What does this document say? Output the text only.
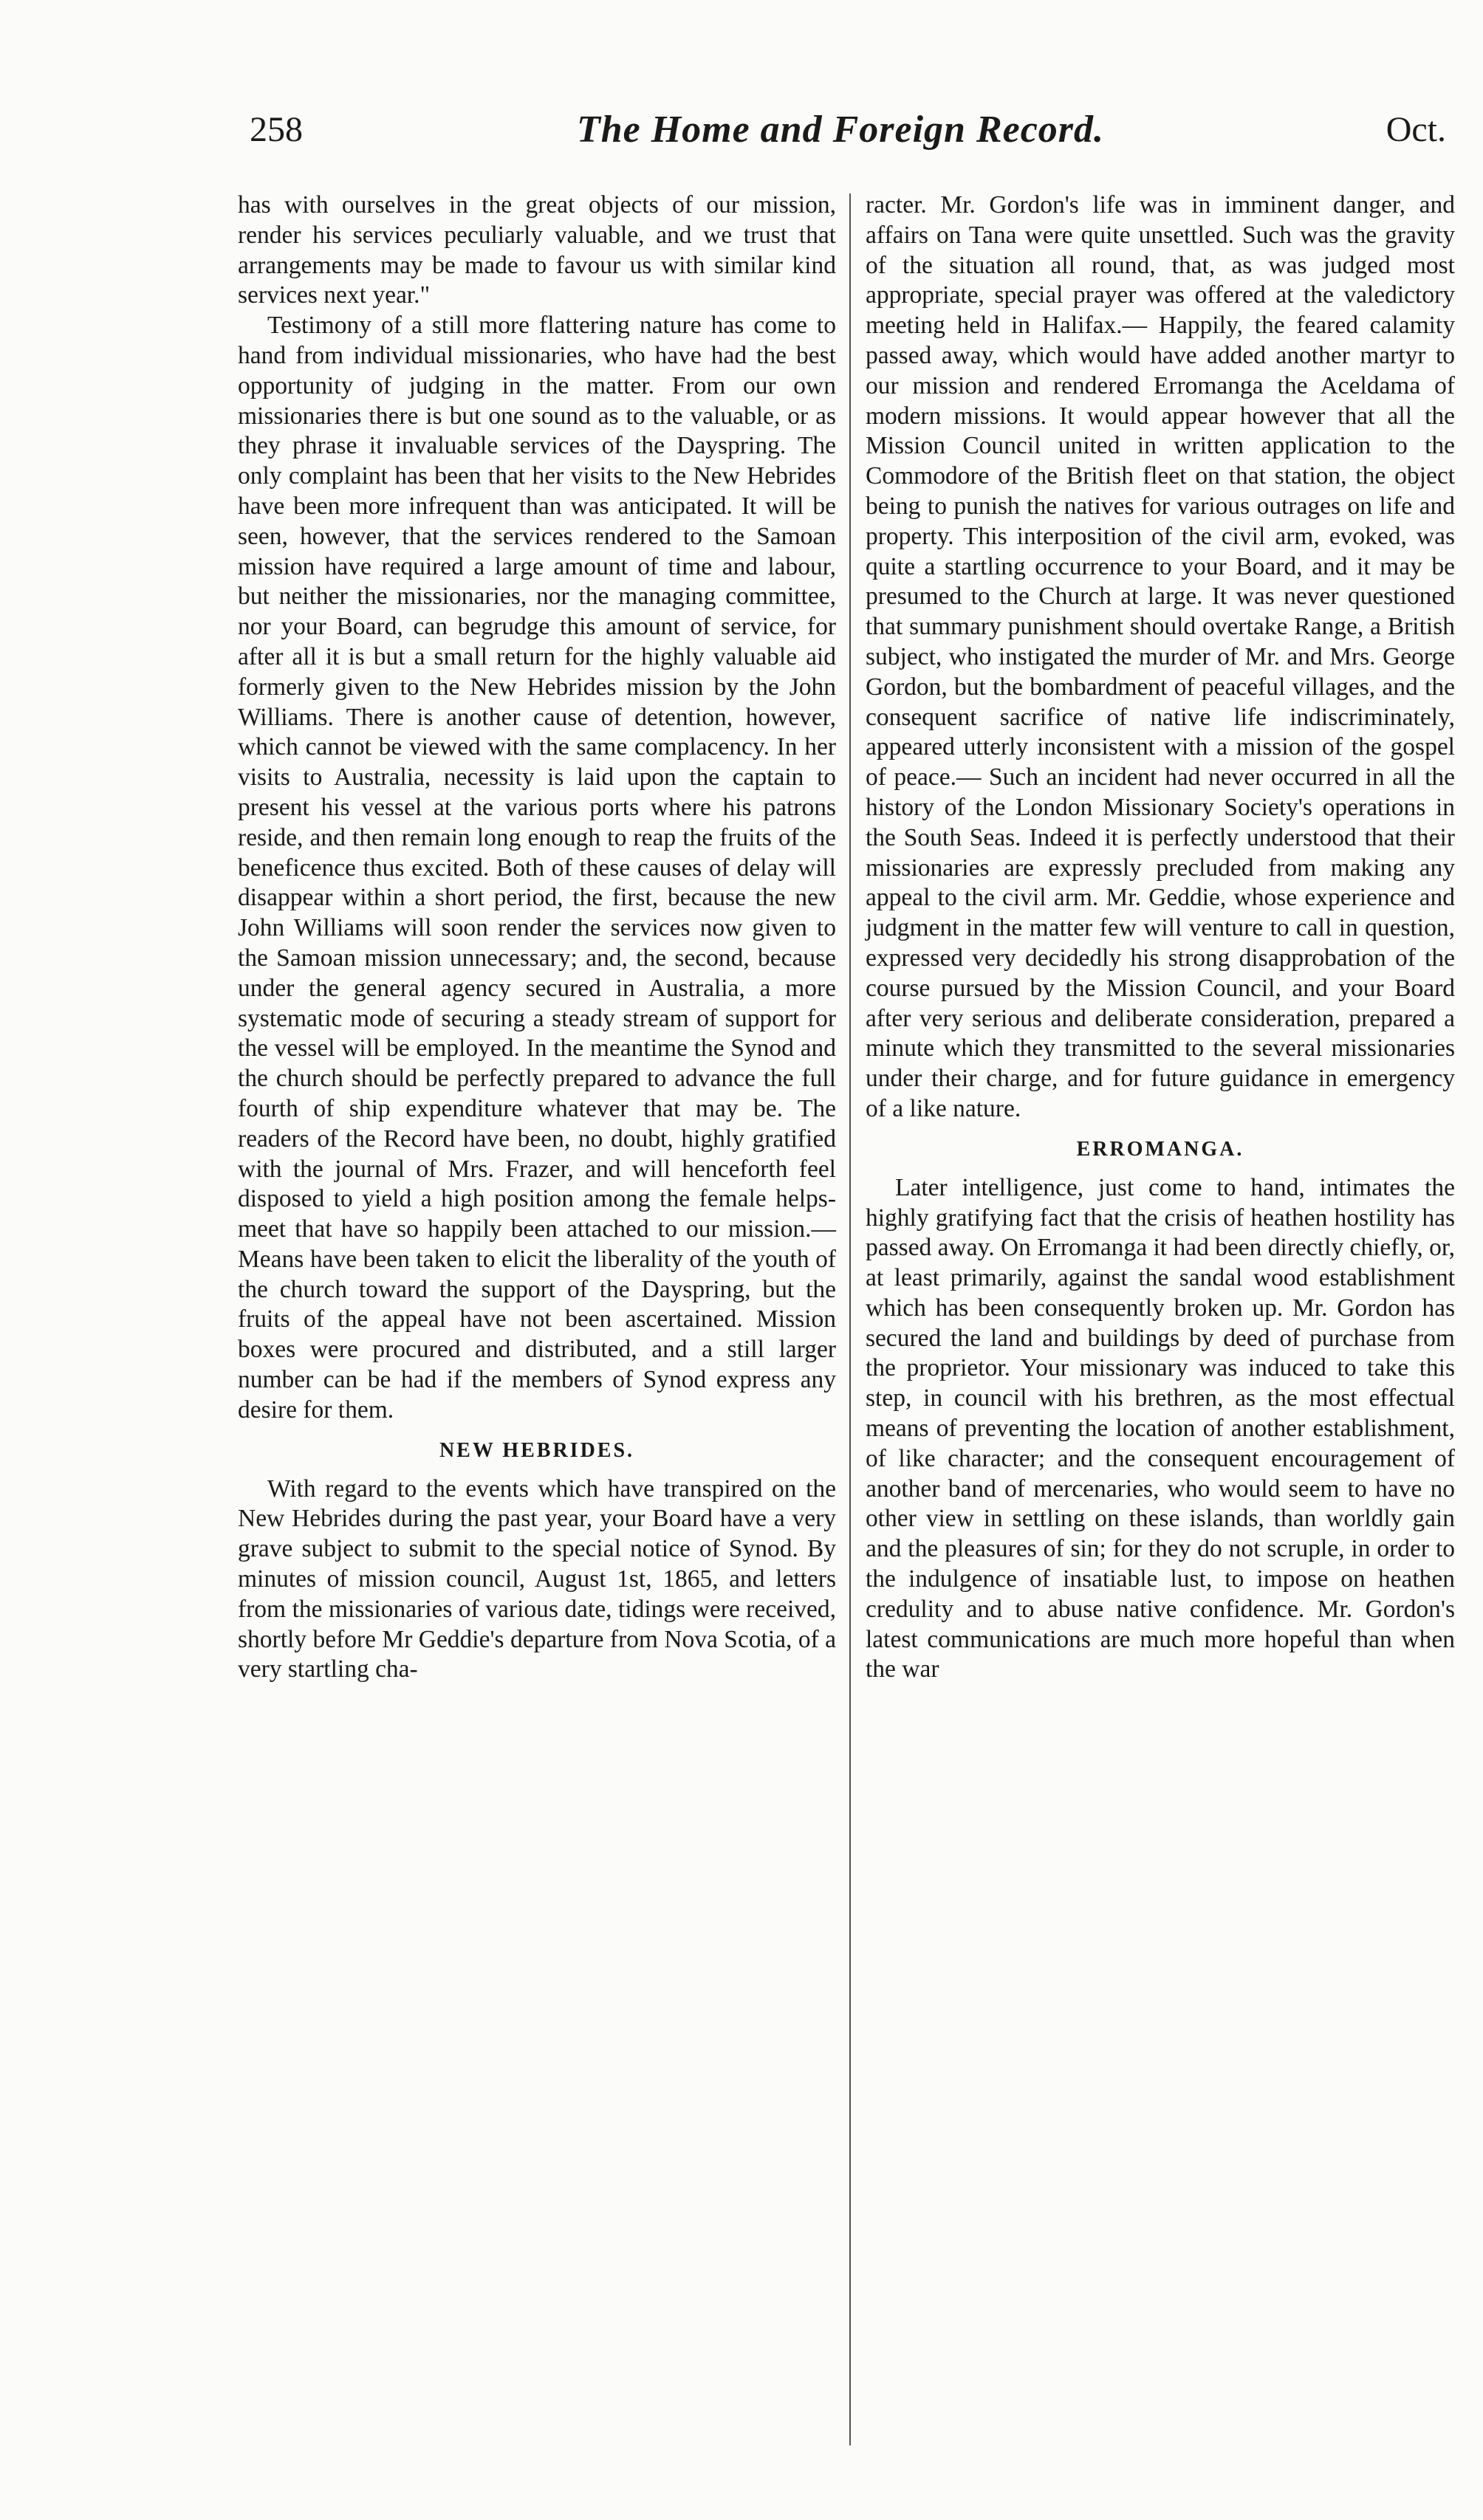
258	The Home and Foreign Record.	Oct.

has with ourselves in the great objects of our mission, render his services peculiarly valuable, and we trust that arrangements may be made to favour us with similar kind services next year."

Testimony of a still more flattering nature has come to hand from individual missionaries, who have had the best opportunity of judging in the matter. From our own missionaries there is but one sound as to the valuable, or as they phrase it invaluable services of the Dayspring. The only complaint has been that her visits to the New Hebrides have been more infrequent than was anticipated. It will be seen, however, that the services rendered to the Samoan mission have required a large amount of time and labour, but neither the missionaries, nor the managing committee, nor your Board, can begrudge this amount of service, for after all it is but a small return for the highly valuable aid formerly given to the New Hebrides mission by the John Williams. There is another cause of detention, however, which cannot be viewed with the same complacency. In her visits to Australia, necessity is laid upon the captain to present his vessel at the various ports where his patrons reside, and then remain long enough to reap the fruits of the beneficence thus excited. Both of these causes of delay will disappear within a short period, the first, because the new John Williams will soon render the services now given to the Samoan mission unnecessary; and, the second, because under the general agency secured in Australia, a more systematic mode of securing a steady stream of support for the vessel will be employed. In the meantime the Synod and the church should be perfectly prepared to advance the full fourth of ship expenditure whatever that may be. The readers of the Record have been, no doubt, highly gratified with the journal of Mrs. Frazer, and will henceforth feel disposed to yield a high position among the female helps-meet that have so happily been attached to our mission.— Means have been taken to elicit the liberality of the youth of the church toward the support of the Dayspring, but the fruits of the appeal have not been ascertained. Mission boxes were procured and distributed, and a still larger number can be had if the members of Synod express any desire for them.

NEW HEBRIDES.

With regard to the events which have transpired on the New Hebrides during the past year, your Board have a very grave subject to submit to the special notice of Synod. By minutes of mission council, August 1st, 1865, and letters from the missionaries of various date, tidings were received, shortly before Mr Geddie's departure from Nova Scotia, of a very startling cha-

racter. Mr. Gordon's life was in imminent danger, and affairs on Tana were quite unsettled. Such was the gravity of the situation all round, that, as was judged most appropriate, special prayer was offered at the valedictory meeting held in Halifax.— Happily, the feared calamity passed away, which would have added another martyr to our mission and rendered Erromanga the Aceldama of modern missions. It would appear however that all the Mission Council united in written application to the Commodore of the British fleet on that station, the object being to punish the natives for various outrages on life and property. This interposition of the civil arm, evoked, was quite a startling occurrence to your Board, and it may be presumed to the Church at large. It was never questioned that summary punishment should overtake Range, a British subject, who instigated the murder of Mr. and Mrs. George Gordon, but the bombardment of peaceful villages, and the consequent sacrifice of native life indiscriminately, appeared utterly inconsistent with a mission of the gospel of peace.— Such an incident had never occurred in all the history of the London Missionary Society's operations in the South Seas. Indeed it is perfectly understood that their missionaries are expressly precluded from making any appeal to the civil arm. Mr. Geddie, whose experience and judgment in the matter few will venture to call in question, expressed very decidedly his strong disapprobation of the course pursued by the Mission Council, and your Board after very serious and deliberate consideration, prepared a minute which they transmitted to the several missionaries under their charge, and for future guidance in emergency of a like nature.

ERROMANGA.

Later intelligence, just come to hand, intimates the highly gratifying fact that the crisis of heathen hostility has passed away. On Erromanga it had been directly chiefly, or, at least primarily, against the sandal wood establishment which has been consequently broken up. Mr. Gordon has secured the land and buildings by deed of purchase from the proprietor. Your missionary was induced to take this step, in council with his brethren, as the most effectual means of preventing the location of another establishment, of like character; and the consequent encouragement of another band of mercenaries, who would seem to have no other view in settling on these islands, than worldly gain and the pleasures of sin; for they do not scruple, in order to the indulgence of insatiable lust, to impose on heathen credulity and to abuse native confidence. Mr. Gordon's latest communications are much more hopeful than when the war
